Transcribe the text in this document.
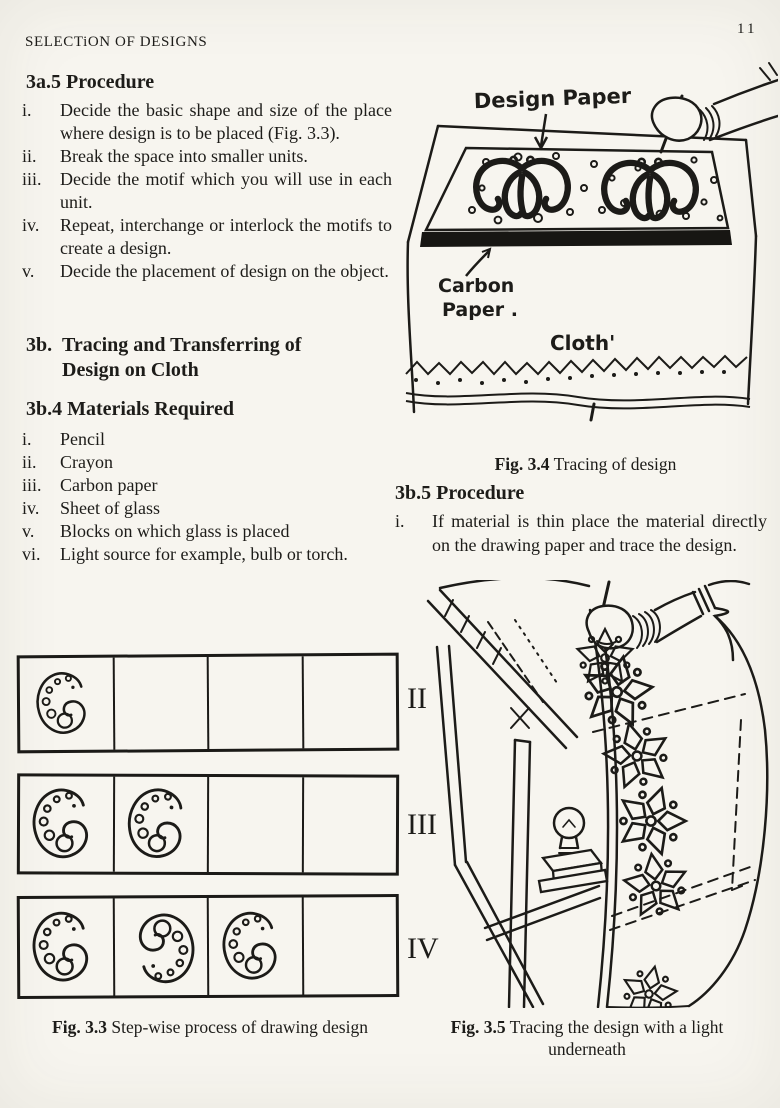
SELECTiON OF DESIGNS
11
3a.5 Procedure
i.	Decide the basic shape and size of the place where design is to be placed (Fig. 3.3).
ii.	Break the space into smaller units.
iii.	Decide the motif which you will use in each unit.
iv.	Repeat, interchange or interlock the motifs to create a design.
v.	Decide the placement of design on the object.
3b. Tracing and Transferring of
Design on Cloth
3b.4 Materials Required
i.	Pencil
ii.	Crayon
iii.	Carbon paper
iv.	Sheet of glass
v.	Blocks on which glass is placed
vi.	Light source for example, bulb or torch.
II
III
IV
Fig. 3.3 Step-wise process of drawing design
Design Paper
Carbon
Paper .
Cloth'
Fig. 3.4 Tracing of design
3b.5 Procedure
i.	If material is thin place the material directly on the drawing paper and trace the design.
Fig. 3.5 Tracing the design with a light underneath
